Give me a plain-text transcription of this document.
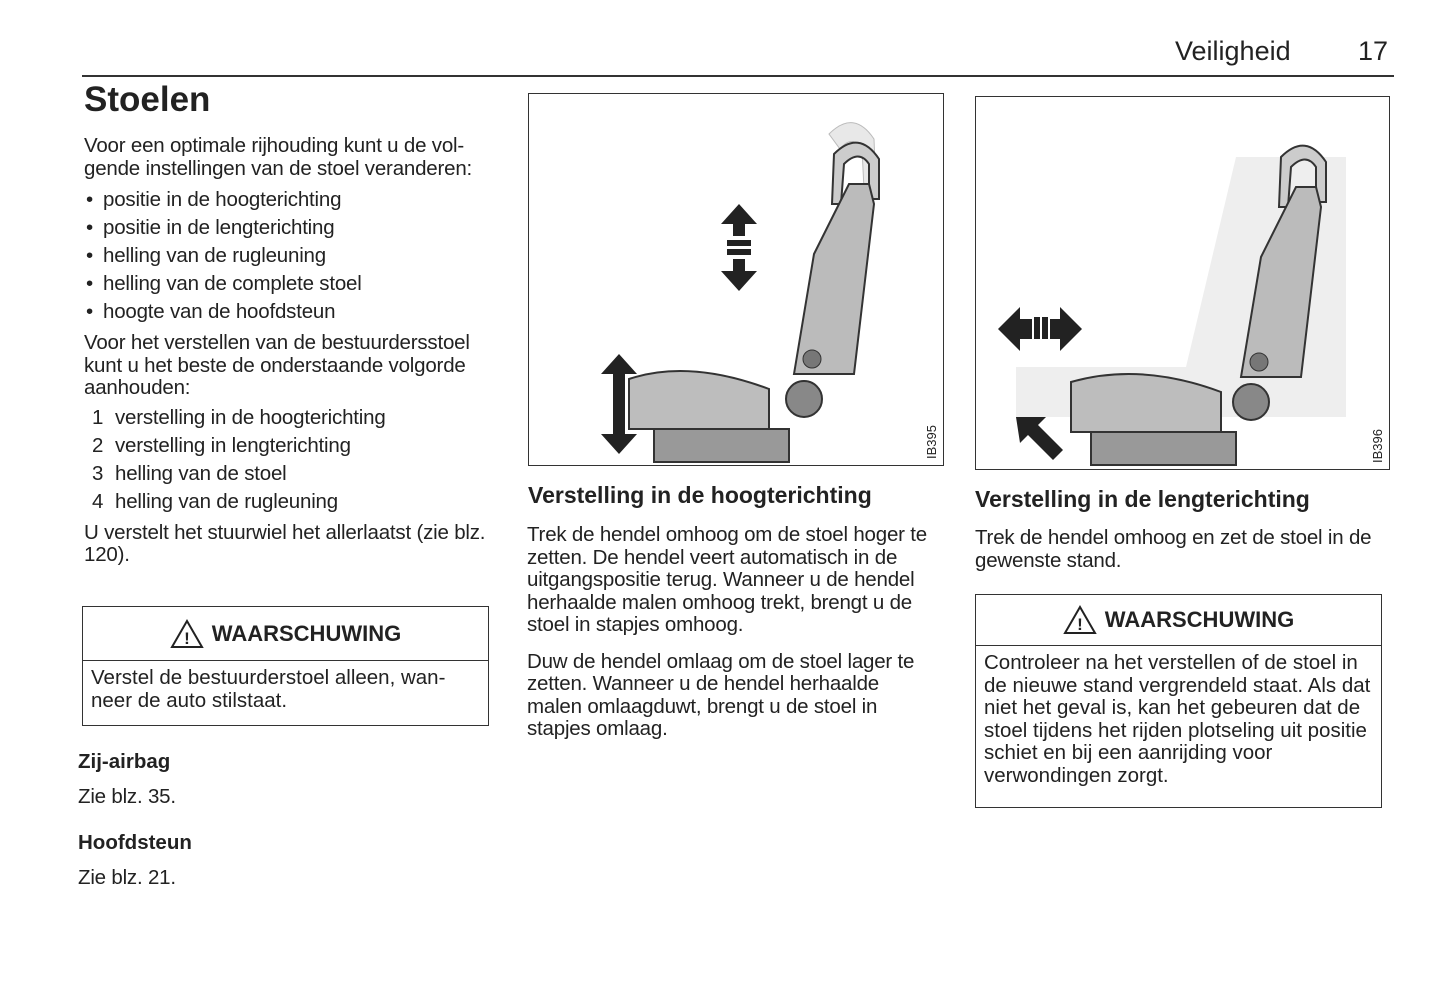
Veiligheid 17
Stoelen
Voor een optimale rijhouding kunt u de vol-gende instellingen van de stoel veranderen:
• positie in de hoogterichting
• positie in de lengterichting
• helling van de rugleuning
• helling van de complete stoel
• hoogte van de hoofdsteun
Voor het verstellen van de bestuurdersstoel kunt u het beste de onderstaande volgorde aanhouden:
1 verstelling in de hoogterichting
2 verstelling in lengterichting
3 helling van de stoel
4 helling van de rugleuning
U verstelt het stuurwiel het allerlaatst (zie blz. 120).
! WAARSCHUWING
Verstel de bestuurderstoel alleen, wan-neer de auto stilstaat.
Zij-airbag
Zie blz. 35.
Hoofdsteun
Zie blz. 21.
IB395	IB396
Verstelling in de hoogterichting
Trek de hendel omhoog om de stoel hoger te zetten. De hendel veert automatisch in de uitgangspositie terug. Wanneer u de hendel herhaalde malen omhoog trekt, brengt u de stoel in stapjes omhoog.
Duw de hendel omlaag om de stoel lager te zetten. Wanneer u de hendel herhaalde malen omlaagduwt, brengt u de stoel in stapjes omlaag.
Verstelling in de lengterichting
Trek de hendel omhoog en zet de stoel in de gewenste stand.
! WAARSCHUWING
Controleer na het verstellen of de stoel in de nieuwe stand vergrendeld staat. Als dat niet het geval is, kan het gebeuren dat de stoel tijdens het rijden plotseling uit positie schiet en bij een aanrijding voor verwondingen zorgt.
